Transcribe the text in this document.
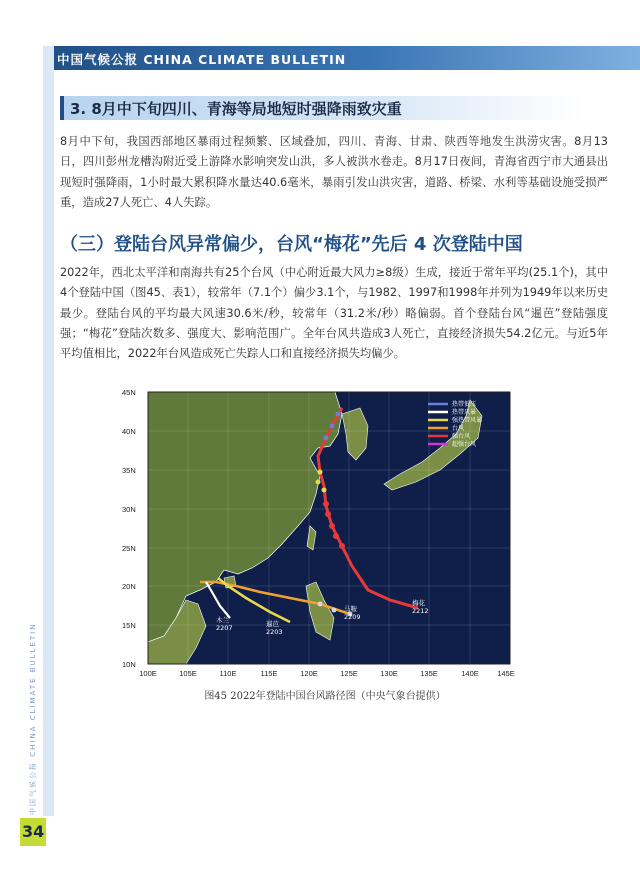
中国气候公报 CHINA CLIMATE BULLETIN
中国气候公报 CHINA CLIMATE BULLETIN
34
3. 8月中下旬四川、青海等局地短时强降雨致灾重
8月中下旬，我国西部地区暴雨过程频繁、区域叠加，四川、青海、甘肃、陕西等地发生洪涝灾害。8月13日，四川彭州龙槽沟附近受上游降水影响突发山洪，多人被洪水卷走。8月17日夜间，青海省西宁市大通县出现短时强降雨，1小时最大累积降水量达40.6毫米，暴雨引发山洪灾害，道路、桥梁、水利等基础设施受损严重，造成27人死亡、4人失踪。
（三）登陆台风异常偏少，台风“梅花”先后 4 次登陆中国
2022年，西北太平洋和南海共有25个台风（中心附近最大风力≥8级）生成，接近于常年平均(25.1个)，其中4个登陆中国（图45、表1），较常年（7.1个）偏少3.1个，与1982、1997和1998年并列为1949年以来历史最少。登陆台风的平均最大风速30.6米/秒，较常年（31.2米/秒）略偏弱。首个登陆台风“暹芭”登陆强度强；“梅花”登陆次数多、强度大、影响范围广。全年台风共造成3人死亡，直接经济损失54.2亿元。与近5年平均值相比，2022年台风造成死亡失踪人口和直接经济损失均偏少。
热带低压
热带风暴
强热带风暴
台风
强台风
超强台风
梅花
2212
马鞍
2209
暹芭
2203
木兰
2207
45N
40N
35N
30N
25N
20N
15N
10N
100E	105E	110E	115E	120E	125E	130E	135E	140E 145E
图45 2022年登陆中国台风路径图（中央气象台提供）
